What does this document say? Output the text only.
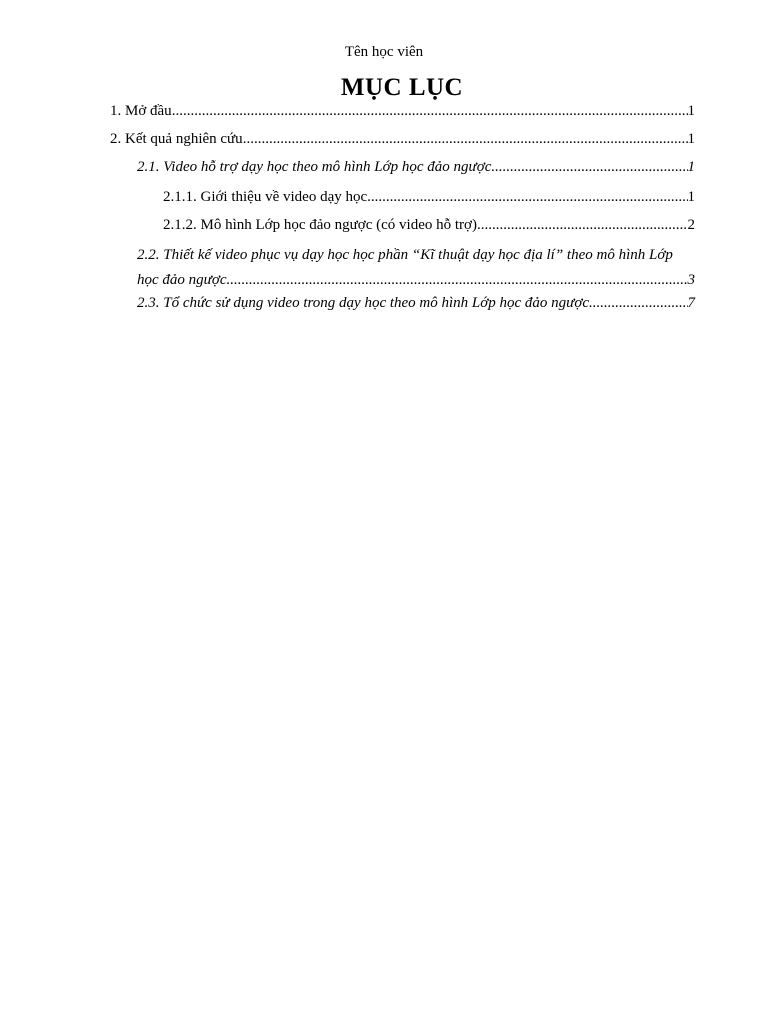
Tên học viên
MỤC LỤC
1. Mở đầu .....	1
2. Kết quả nghiên cứu .....	1
2.1. Video hỗ trợ dạy học theo mô hình Lớp học đảo ngược .....	1
2.1.1. Giới thiệu về video dạy học .....	1
2.1.2. Mô hình Lớp học đảo ngược (có video hỗ trợ) .....	2
2.2. Thiết kế video phục vụ dạy học học phần “Kĩ thuật dạy học địa lí” theo mô hình Lớp
học đảo ngược .....	3
2.3. Tổ chức sử dụng video trong dạy học theo mô hình Lớp học đảo ngược .....	7
